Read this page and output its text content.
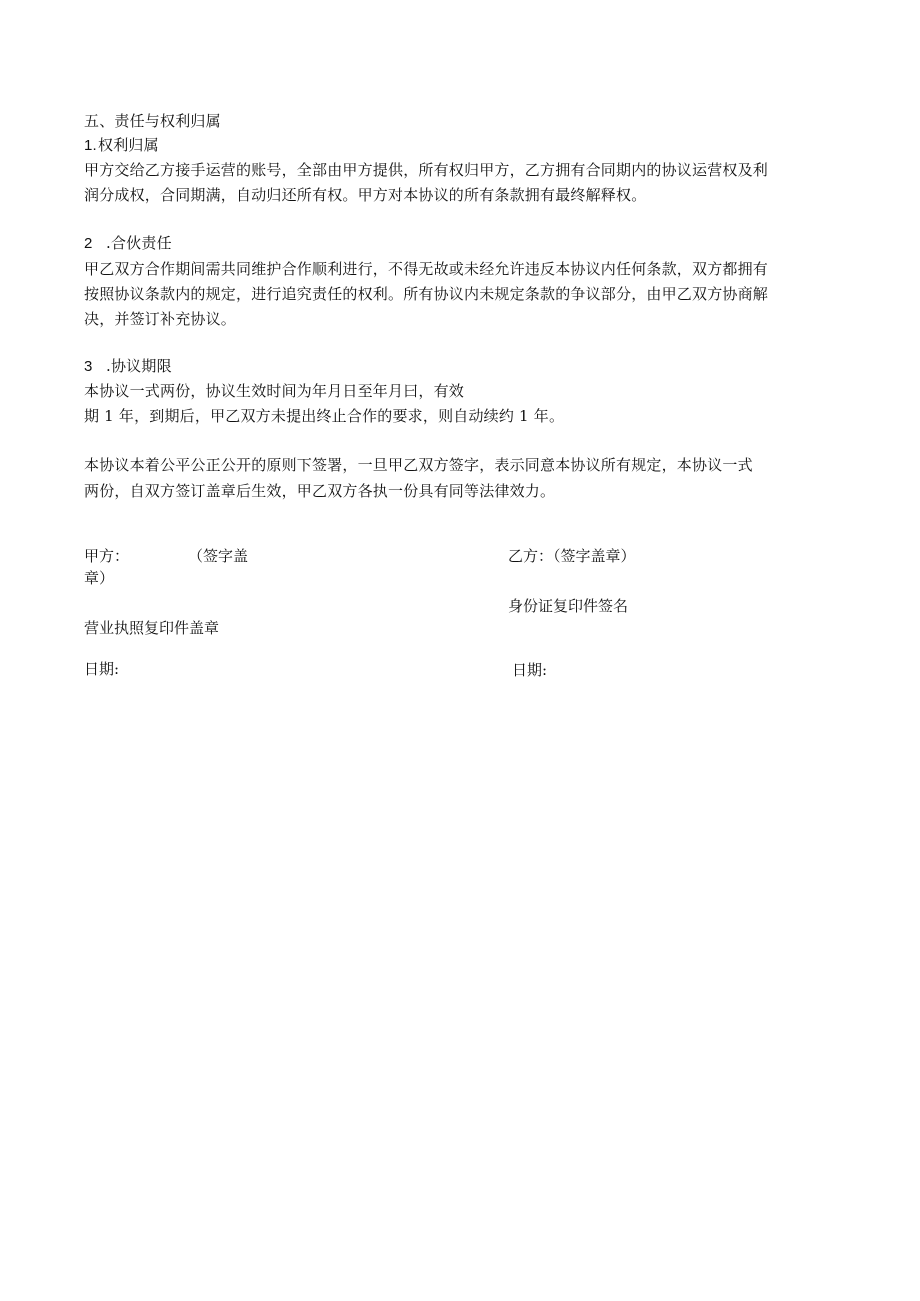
五、责任与权利归属
1.权利归属
甲方交给乙方接手运营的账号，全部由甲方提供，所有权归甲方，乙方拥有合同期内的协议运营权及利
润分成权，合同期满，自动归还所有权。甲方对本协议的所有条款拥有最终解释权。
2 .合伙责任
甲乙双方合作期间需共同维护合作顺利进行，不得无故或未经允许违反本协议内任何条款，双方都拥有
按照协议条款内的规定，进行追究责任的权利。所有协议内未规定条款的争议部分，由甲乙双方协商解
决，并签订补充协议。
3 .协议期限
本协议一式两份，协议生效时间为年月日至年月曰，有效
期 1 年，到期后，甲乙双方未提出终止合作的要求，则自动续约 1 年。
本协议本着公平公正公开的原则下签署，一旦甲乙双方签字，表示同意本协议所有规定，本协议一式
两份，自双方签订盖章后生效，甲乙双方各执一份具有同等法律效力。
甲方：	（签字盖
章）
乙方：（签字盖章）
身份证复印件签名
营业执照复印件盖章
日期:	日期:
